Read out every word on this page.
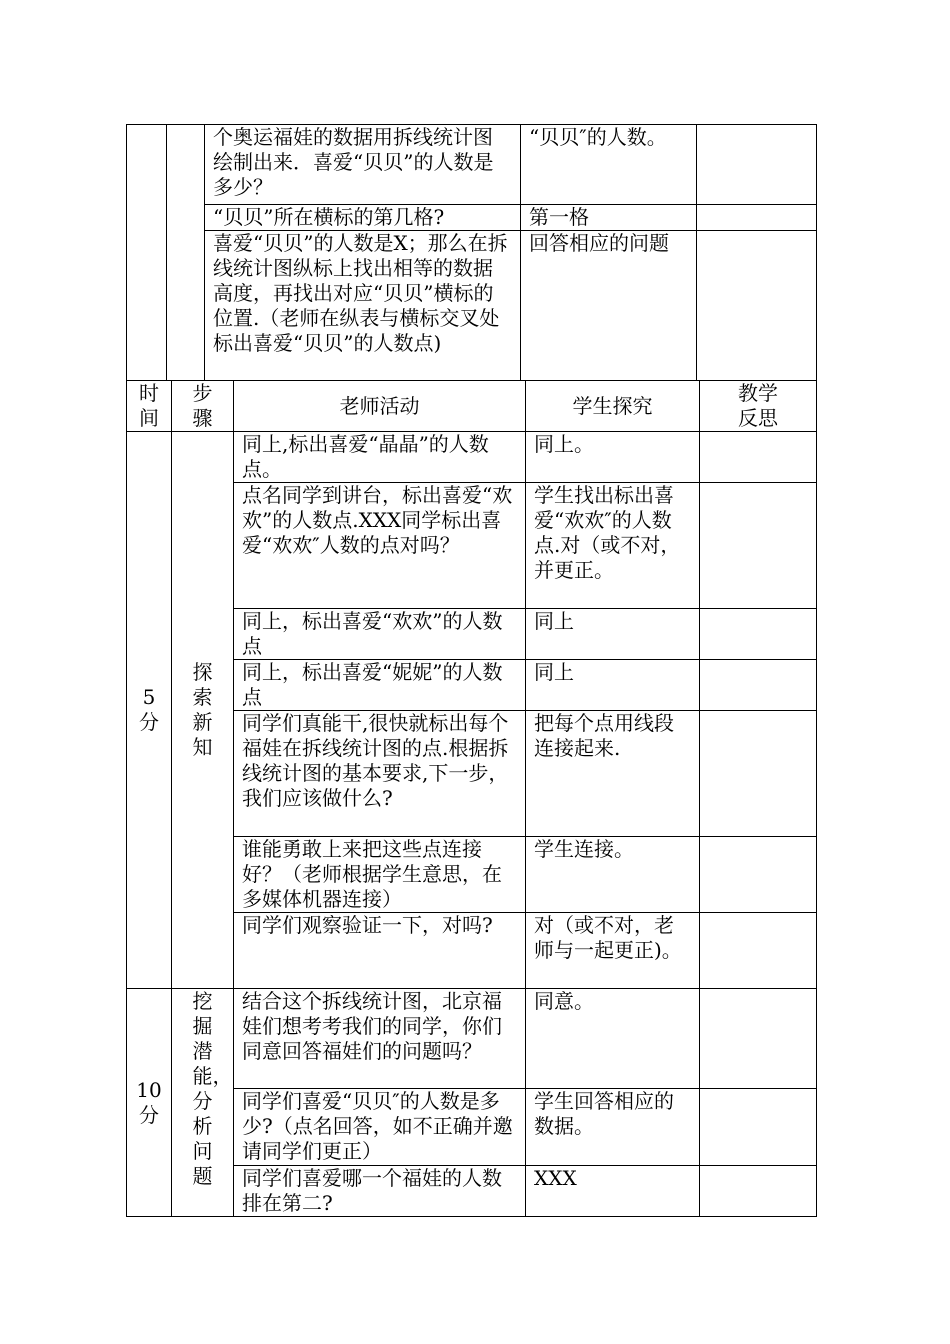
		个奥运福娃的数据用拆线统计图绘制出来．喜爱“贝贝”的人数是多少？	“贝贝″的人数。	
		“贝贝”所在横标的第几格?	第一格	
		喜爱“贝贝”的人数是X；那么在拆线统计图纵标上找出相等的数据高度，再找出对应“贝贝”横标的位置.（老师在纵表与横标交叉处标出喜爱“贝贝”的人数点)	回答相应的问题	
时间	步骤	老师活动	学生探究	教学反思

5分	探索新知	同上,标出喜爱“晶晶”的人数点。	同上。	
		点名同学到讲台，标出喜爱“欢欢”的人数点.XXX同学标出喜爱“欢欢″人数的点对吗？	学生找出标出喜爱“欢欢″的人数点.对（或不对， 并更正。	
		同上，标出喜爱“欢欢”的人数点	同上	
		同上，标出喜爱“妮妮”的人数点	同上	
		同学们真能干,很快就标出每个福娃在拆线统计图的点.根据拆线统计图的基本要求,下一步，我们应该做什么?	把每个点用线段连接起来.	
		谁能勇敢上来把这些点连接好？（老师根据学生意思，在多媒体机器连接）	学生连接。	
		同学们观察验证一下，对吗?	对（或不对，老师与一起更正)。	

10分	挖掘潜能，分析问题	结合这个拆线统计图，北京福娃们想考考我们的同学，你们同意回答福娃们的问题吗？	同意。	
		同学们喜爱“贝贝″的人数是多少?（点名回答，如不正确并邀请同学们更正）	学生回答相应的数据。	
		同学们喜爱哪一个福娃的人数排在第二?	XXX	
